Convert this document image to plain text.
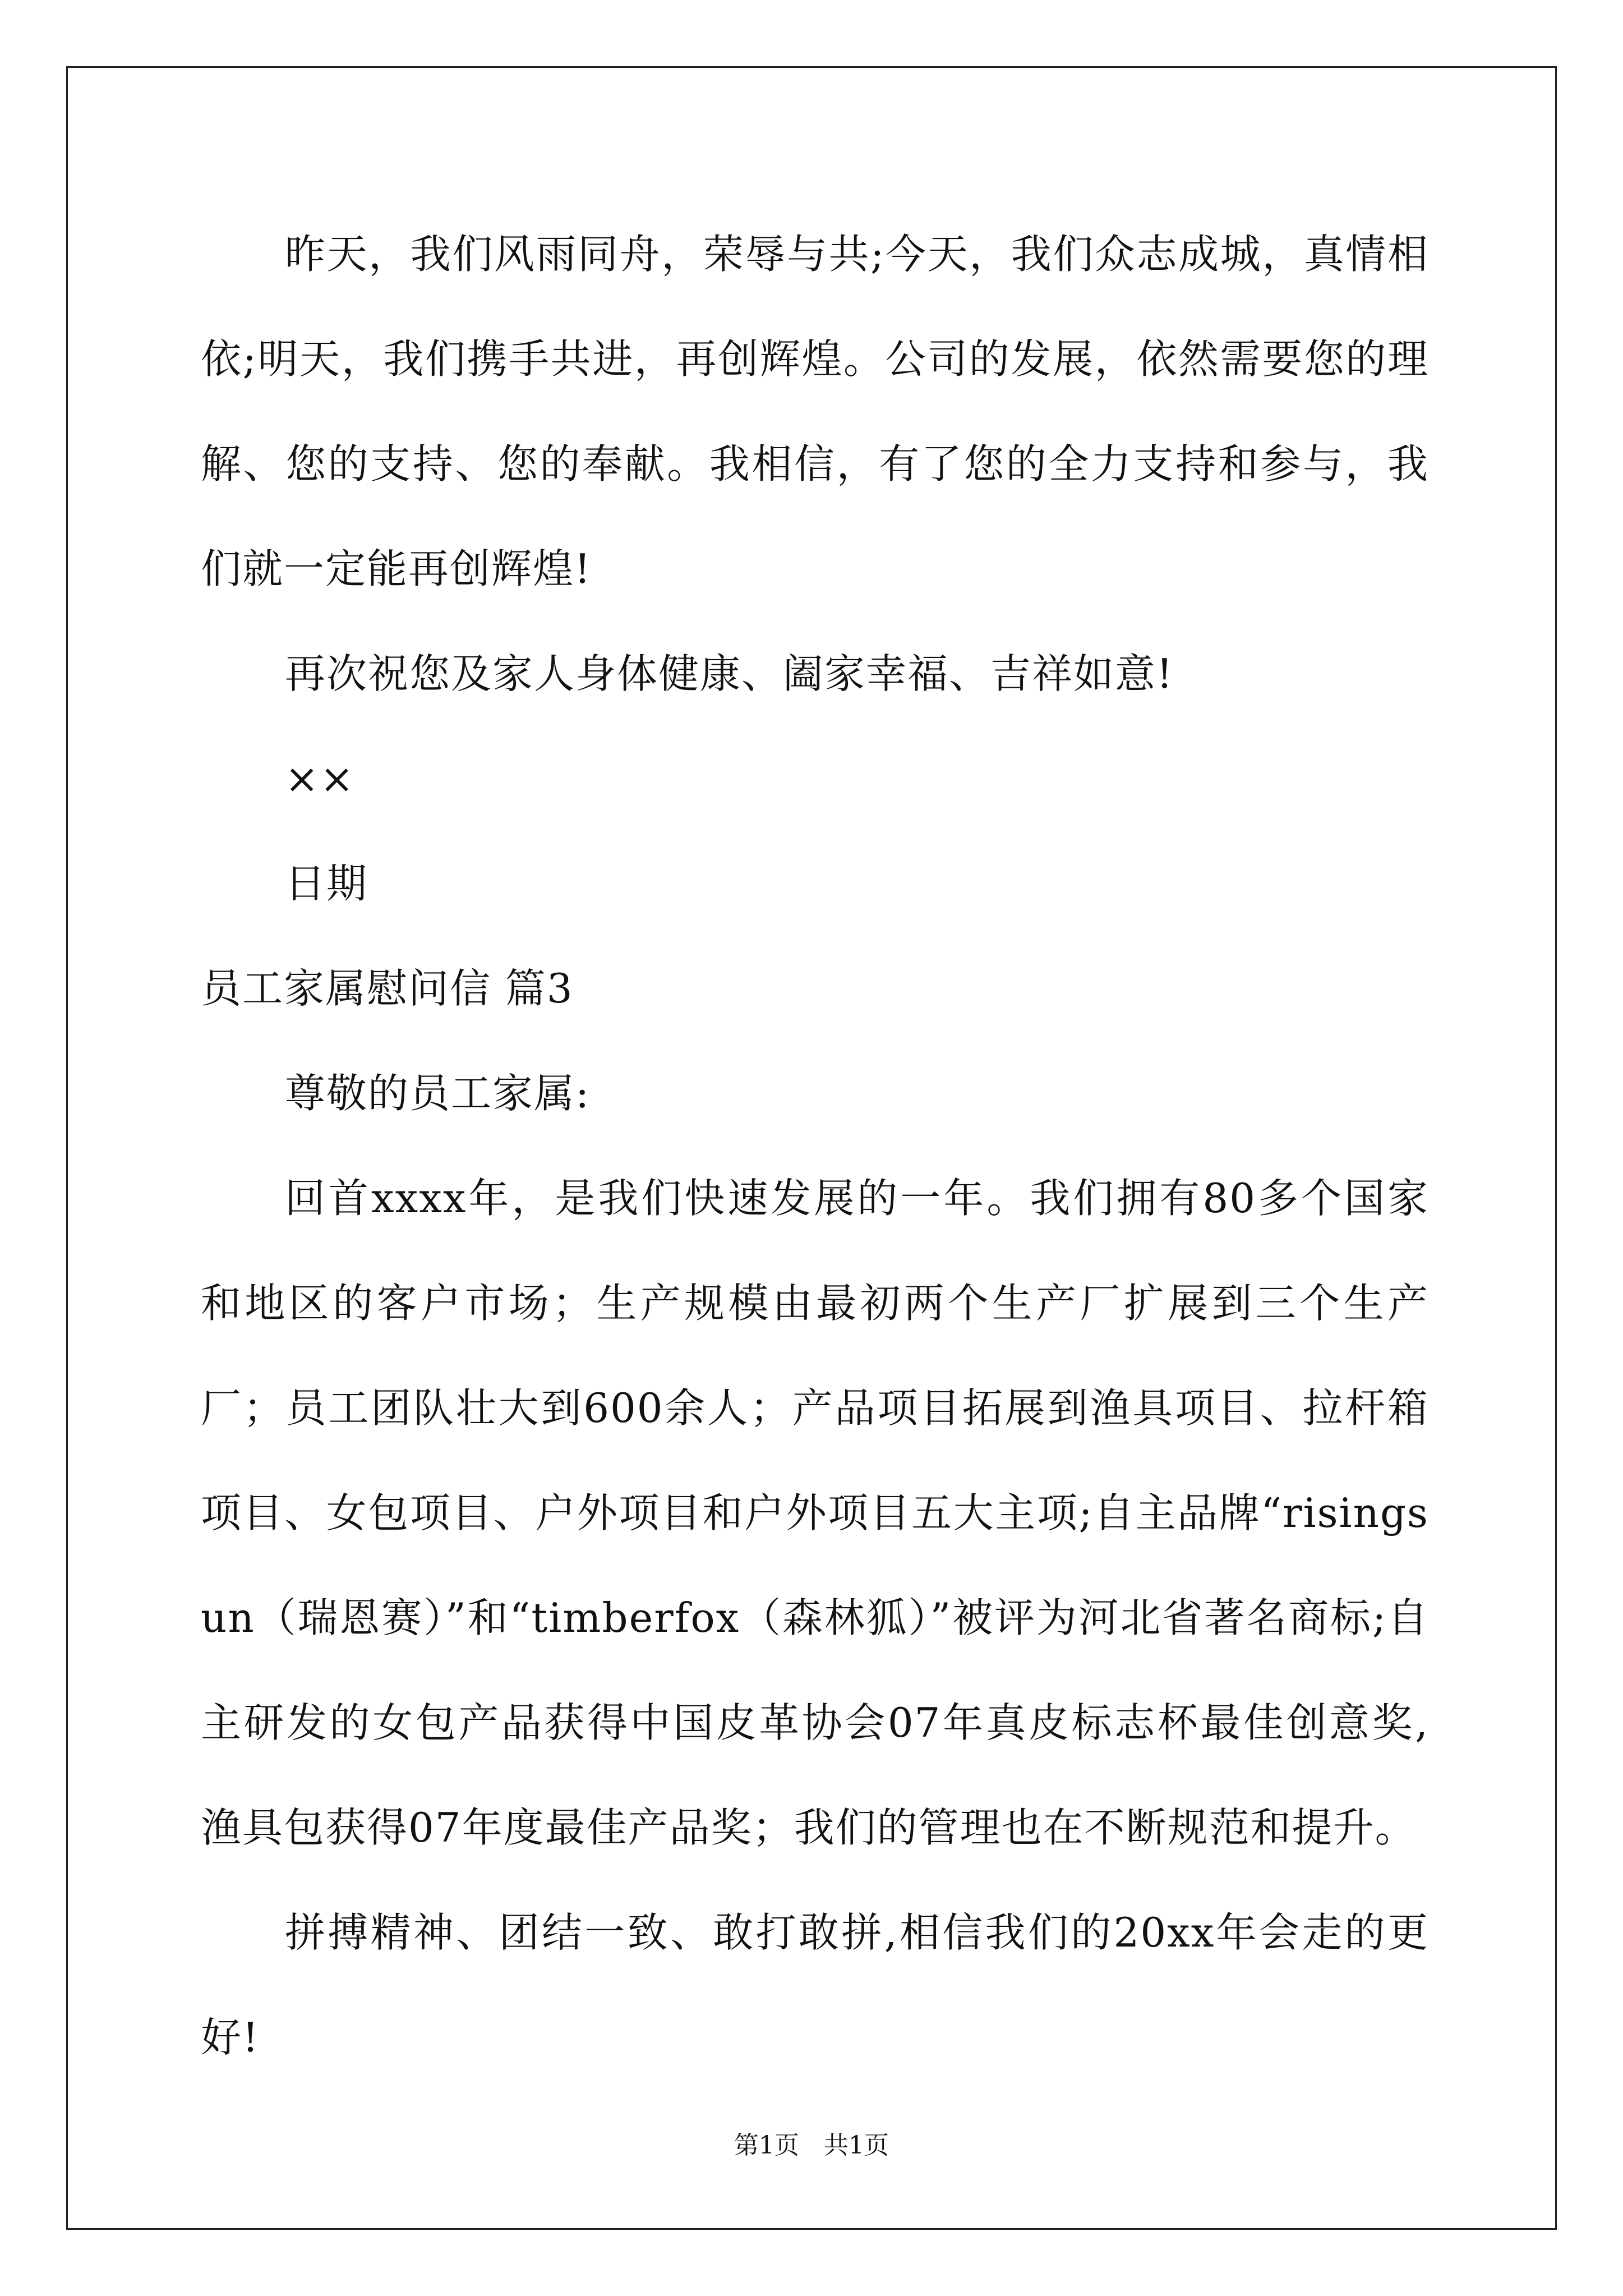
昨天，我们风雨同舟，荣辱与共;今天，我们众志成城，真情相依;明天，我们携手共进，再创辉煌。公司的发展，依然需要您的理解、您的支持、您的奉献。我相信，有了您的全力支持和参与，我们就一定能再创辉煌!

再次祝您及家人身体健康、阖家幸福、吉祥如意!

××

日期

员工家属慰问信 篇3

尊敬的员工家属:

回首xxxx年，是我们快速发展的一年。我们拥有80多个国家和地区的客户市场；生产规模由最初两个生产厂扩展到三个生产厂；员工团队壮大到600余人；产品项目拓展到渔具项目、拉杆箱项目、女包项目、户外项目和户外项目五大主项;自主品牌“risingsun（瑞恩赛）”和“timberfox（森林狐）”被评为河北省著名商标;自主研发的女包产品获得中国皮革协会07年真皮标志杯最佳创意奖,渔具包获得07年度最佳产品奖；我们的管理也在不断规范和提升。

拼搏精神、团结一致、敢打敢拼,相信我们的20xx年会走的更好!

第1页 共1页
